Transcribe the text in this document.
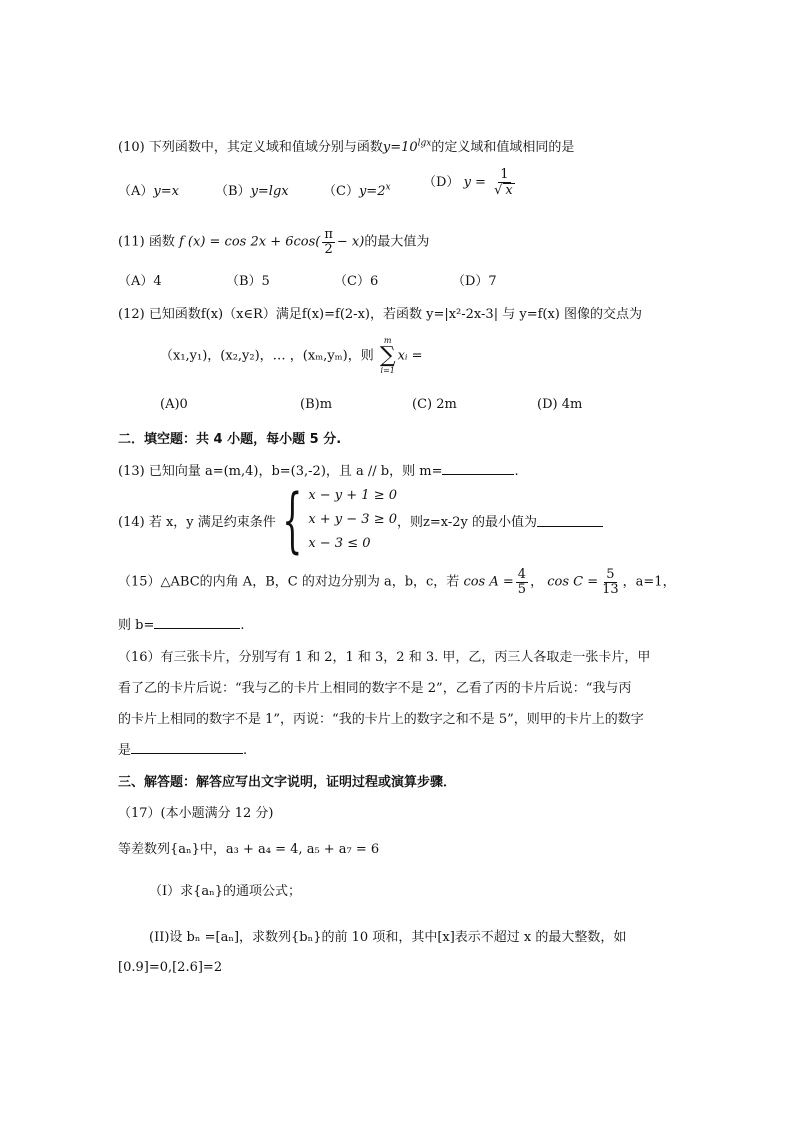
(10) 下列函数中，其定义域和值域分别与函数$y=10^{lgx}$的定义域和值域相同的是
（A）y=x	（B）y=lgx	$(C)y=2^x$ （D） $y = \frac{1}{√ x}$
(11) 函数 f $(x) = \cos 2x + 6\cos( \frac{\pi}{2} - x)$的最大值为
（A）4	（B）5	（C）6	（D）7
(12) 已知函数f(x)（x∈R）满足f(x)=f(2-x)，若函数 y=|x²-2x-3| 与 y=f(x) 图像的交点为
（x₁,y₁)，(x₂,y₂)，… ，(xₘ,yₘ)，则
m
∑
i=1
xᵢ =
(A)0	(B)m	(C) 2m	(D) 4m
二．填空题：共 4 小题，每小题 5 分.
(13) 已知向量 a=(m,4)，b=(3,-2)，且 a // b，则 m=	.
(14) 若 x，y 满足约束条件 { x − y + 1 ≥ 0
x + y − 3 ≥ 0
x − 3 ≤ 0
，则z=x-2y 的最小值为
（15）△ABC的内角 A，B，C 的对边分别为 a，b，c，若 $\cos A = \frac{4}{5}$ ， $\cos C = \frac{5}{13}$ ，a=1，
则 b=	.
（16）有三张卡片，分别写有 1 和 2，1 和 3，2 和 3. 甲，乙，丙三人各取走一张卡片，甲
看了乙的卡片后说：“我与乙的卡片上相同的数字不是 2”，乙看了丙的卡片后说：“我与丙
的卡片上相同的数字不是 1”，丙说：“我的卡片上的数字之和不是 5”，则甲的卡片上的数字
是	.
三、解答题：解答应写出文字说明，证明过程或演算步骤．
（17）(本小题满分 12 分)
等差数列{aₙ}中，a₃ + a₄ = 4, a₅ + a₇ = 6
（I）求{aₙ}的通项公式；
(II)设 bₙ =[aₙ]，求数列{bₙ}的前 10 项和，其中[x]表示不超过 x 的最大整数，如
[0.9]=0,[2.6]=2
